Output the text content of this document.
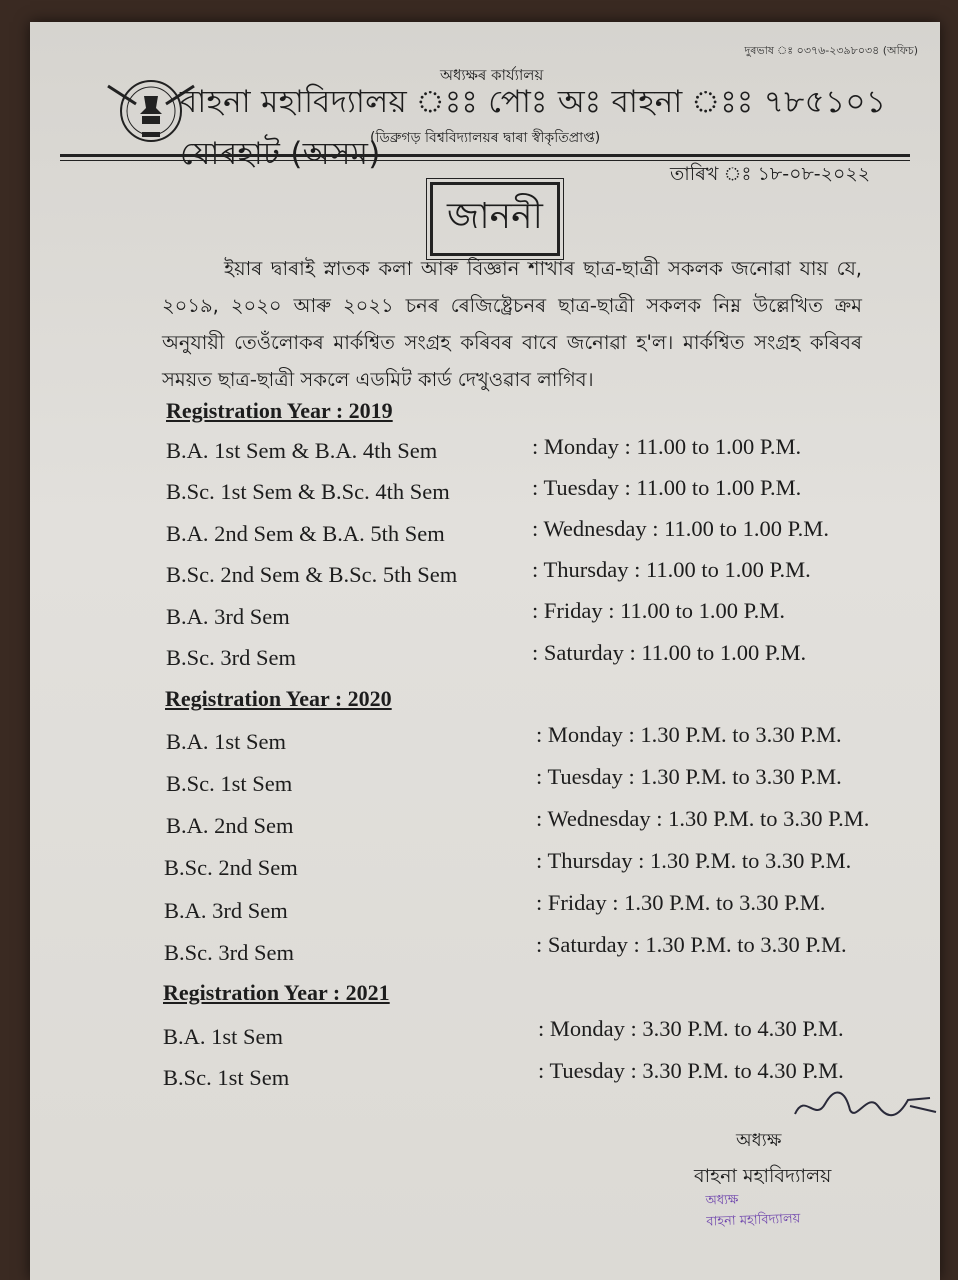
দুৰভাষ ঃ ০৩৭৬-২৩৯৮০৩৪ (অফিচ)
অধ্যক্ষৰ কাৰ্য্যালয়
বাহনা মহাবিদ্যালয় ঃঃ পোঃ অঃ বাহনা ঃঃ ৭৮৫১০১ যোৰহাট (অসম)
(ডিব্ৰুগড় বিশ্ববিদ্যালয়ৰ দ্বাৰা স্বীকৃতিপ্ৰাপ্ত)
তাৰিখ ঃ ১৮-০৮-২০২২
জাননী
ইয়াৰ দ্বাৰাই স্নাতক কলা আৰু বিজ্ঞান শাখাৰ ছাত্ৰ-ছাত্ৰী সকলক জনোৱা যায় যে, ২০১৯, ২০২০ আৰু ২০২১ চনৰ ৰেজিষ্ট্ৰেচনৰ ছাত্ৰ-ছাত্ৰী সকলক নিম্ন উল্লেখিত ক্ৰম অনুযায়ী তেওঁলোকৰ মাৰ্কশ্বিত সংগ্ৰহ কৰিবৰ বাবে জনোৱা হ'ল। মাৰ্কশ্বিত সংগ্ৰহ কৰিবৰ সময়ত ছাত্ৰ-ছাত্ৰী সকলে এডমিট কাৰ্ড দেখুওৱাব লাগিব।
Registration Year : 2019
B.A. 1st Sem & B.A. 4th Sem	: Monday : 11.00 to 1.00 P.M.
B.Sc. 1st Sem & B.Sc. 4th Sem	: Tuesday : 11.00 to 1.00 P.M.
B.A. 2nd Sem & B.A. 5th Sem	: Wednesday : 11.00 to 1.00 P.M.
B.Sc. 2nd Sem & B.Sc. 5th Sem	: Thursday : 11.00 to 1.00 P.M.
B.A. 3rd Sem	: Friday : 11.00 to 1.00 P.M.
B.Sc. 3rd Sem	: Saturday : 11.00 to 1.00 P.M.
Registration Year : 2020
B.A. 1st Sem	: Monday : 1.30 P.M. to 3.30 P.M.
B.Sc. 1st Sem	: Tuesday : 1.30 P.M. to 3.30 P.M.
B.A. 2nd Sem	: Wednesday : 1.30 P.M. to 3.30 P.M.
B.Sc. 2nd Sem	: Thursday : 1.30 P.M. to 3.30 P.M.
B.A. 3rd Sem	: Friday : 1.30 P.M. to 3.30 P.M.
B.Sc. 3rd Sem	: Saturday : 1.30 P.M. to 3.30 P.M.
Registration Year : 2021
B.A. 1st Sem	: Monday : 3.30 P.M. to 4.30 P.M.
B.Sc. 1st Sem	: Tuesday : 3.30 P.M. to 4.30 P.M.
অধ্যক্ষ
বাহনা মহাবিদ্যালয়
অধ্যক্ষ
বাহনা মহাবিদ্যালয়
